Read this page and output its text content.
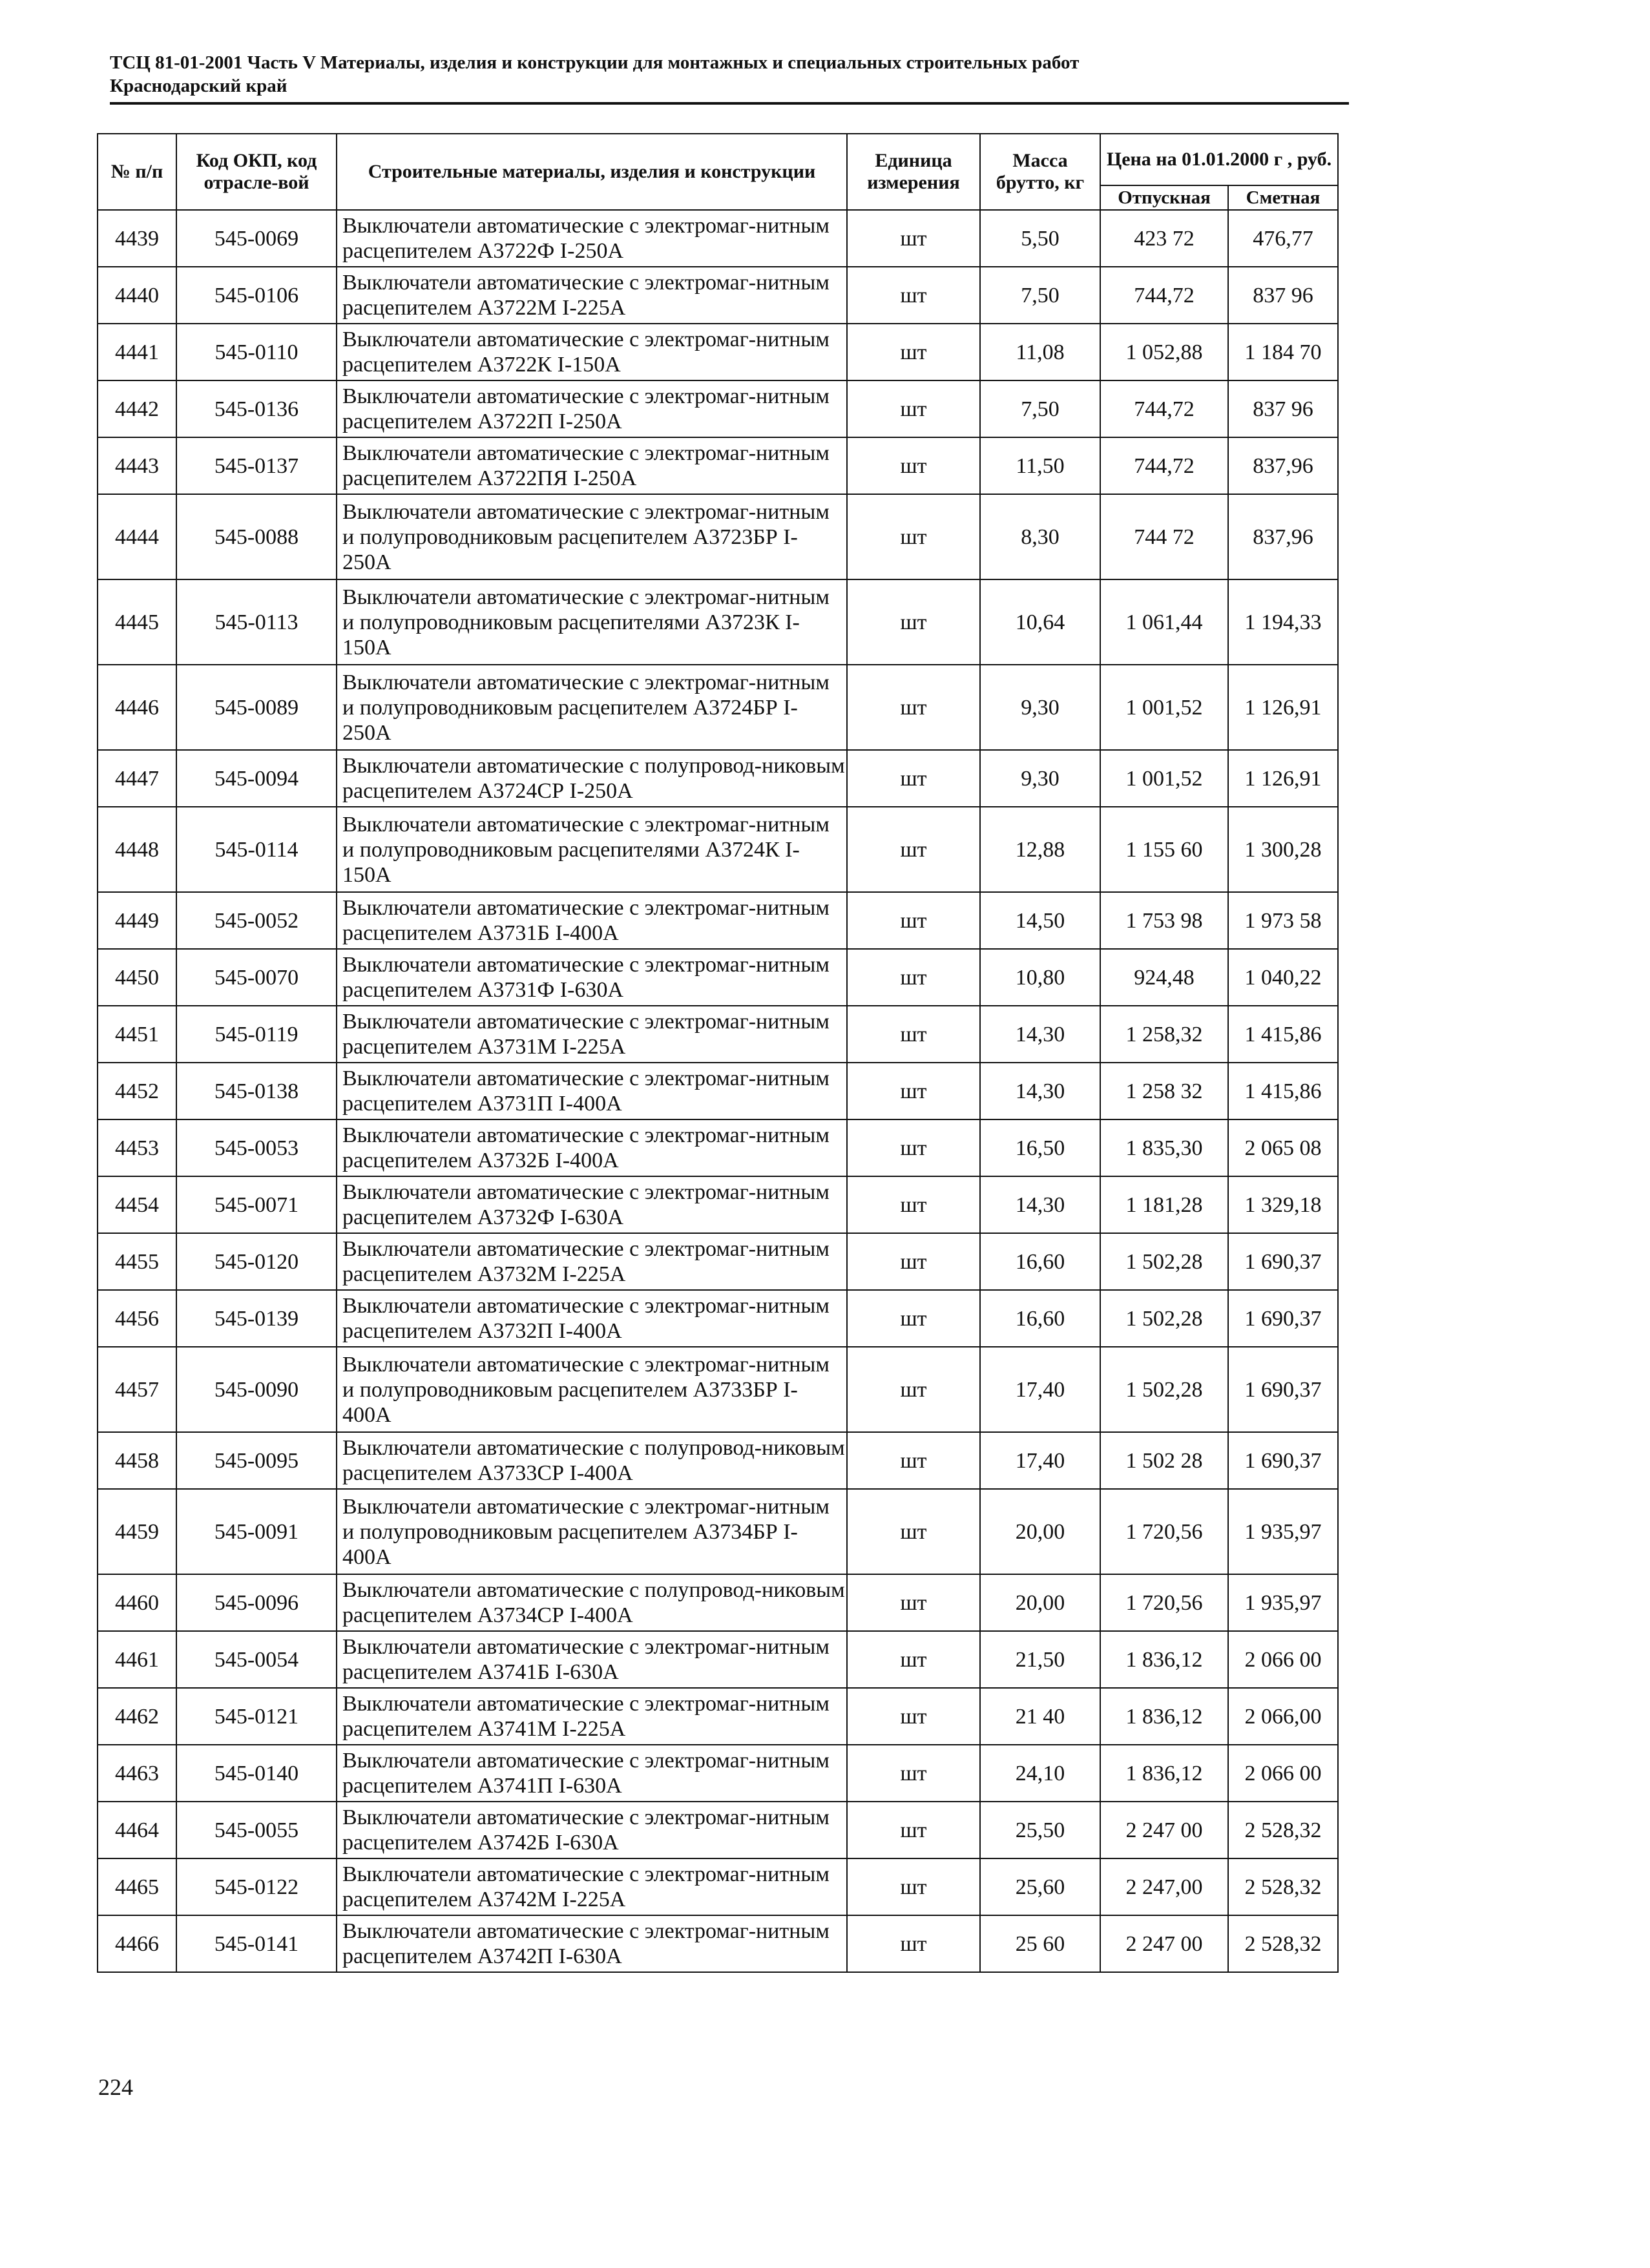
ТСЦ 81-01-2001 Часть V Материалы, изделия и конструкции для монтажных и специальных строительных работ
Краснодарский край
№ п/п	Код ОКП, код отрасле-вой	Строительные материалы, изделия и конструкции	Единица измерения	Масса брутто, кг	Цена на 01.01.2000 г , руб.	
					Отпускная	Сметная
4439	545-0069	Выключатели автоматические с электромаг-нитным расцепителем А3722Ф I-250А	шт	5,50	423 72	476,77
4440	545-0106	Выключатели автоматические с электромаг-нитным расцепителем А3722М I-225А	шт	7,50	744,72	837 96
4441	545-0110	Выключатели автоматические с электромаг-нитным расцепителем А3722К I-150А	шт	11,08	1 052,88	1 184 70
4442	545-0136	Выключатели автоматические с электромаг-нитным расцепителем А3722П I-250А	шт	7,50	744,72	837 96
4443	545-0137	Выключатели автоматические с электромаг-нитным расцепителем А3722ПЯ I-250А	шт	11,50	744,72	837,96
4444	545-0088	Выключатели автоматические с электромаг-нитным и полупроводниковым расцепителем А3723БР I-250А	шт	8,30	744 72	837,96
4445	545-0113	Выключатели автоматические с электромаг-нитным и полупроводниковым расцепителями А3723К I-150А	шт	10,64	1 061,44	1 194,33
4446	545-0089	Выключатели автоматические с электромаг-нитным и полупроводниковым расцепителем А3724БР I-250А	шт	9,30	1 001,52	1 126,91
4447	545-0094	Выключатели автоматические с полупровод-никовым расцепителем А3724СР I-250А	шт	9,30	1 001,52	1 126,91
4448	545-0114	Выключатели автоматические с электромаг-нитным и полупроводниковым расцепителями А3724К I-150А	шт	12,88	1 155 60	1 300,28
4449	545-0052	Выключатели автоматические с электромаг-нитным расцепителем А3731Б I-400А	шт	14,50	1 753 98	1 973 58
4450	545-0070	Выключатели автоматические с электромаг-нитным расцепителем А3731Ф I-630А	шт	10,80	924,48	1 040,22
4451	545-0119	Выключатели автоматические с электромаг-нитным расцепителем А3731М I-225А	шт	14,30	1 258,32	1 415,86
4452	545-0138	Выключатели автоматические с электромаг-нитным расцепителем А3731П I-400А	шт	14,30	1 258 32	1 415,86
4453	545-0053	Выключатели автоматические с электромаг-нитным расцепителем А3732Б I-400А	шт	16,50	1 835,30	2 065 08
4454	545-0071	Выключатели автоматические с электромаг-нитным расцепителем А3732Ф I-630А	шт	14,30	1 181,28	1 329,18
4455	545-0120	Выключатели автоматические с электромаг-нитным расцепителем А3732М I-225А	шт	16,60	1 502,28	1 690,37
4456	545-0139	Выключатели автоматические с электромаг-нитным расцепителем А3732П I-400А	шт	16,60	1 502,28	1 690,37
4457	545-0090	Выключатели автоматические с электромаг-нитным и полупроводниковым расцепителем А3733БР I-400А	шт	17,40	1 502,28	1 690,37
4458	545-0095	Выключатели автоматические с полупровод-никовым расцепителем А3733СР I-400А	шт	17,40	1 502 28	1 690,37
4459	545-0091	Выключатели автоматические с электромаг-нитным и полупроводниковым расцепителем А3734БР I-400А	шт	20,00	1 720,56	1 935,97
4460	545-0096	Выключатели автоматические с полупровод-никовым расцепителем А3734СР I-400А	шт	20,00	1 720,56	1 935,97
4461	545-0054	Выключатели автоматические с электромаг-нитным расцепителем А3741Б I-630А	шт	21,50	1 836,12	2 066 00
4462	545-0121	Выключатели автоматические с электромаг-нитным расцепителем А3741М I-225А	шт	21 40	1 836,12	2 066,00
4463	545-0140	Выключатели автоматические с электромаг-нитным расцепителем А3741П I-630А	шт	24,10	1 836,12	2 066 00
4464	545-0055	Выключатели автоматические с электромаг-нитным расцепителем А3742Б I-630А	шт	25,50	2 247 00	2 528,32
4465	545-0122	Выключатели автоматические с электромаг-нитным расцепителем А3742М I-225А	шт	25,60	2 247,00	2 528,32
4466	545-0141	Выключатели автоматические с электромаг-нитным расцепителем А3742П I-630А	шт	25 60	2 247 00	2 528,32
224
